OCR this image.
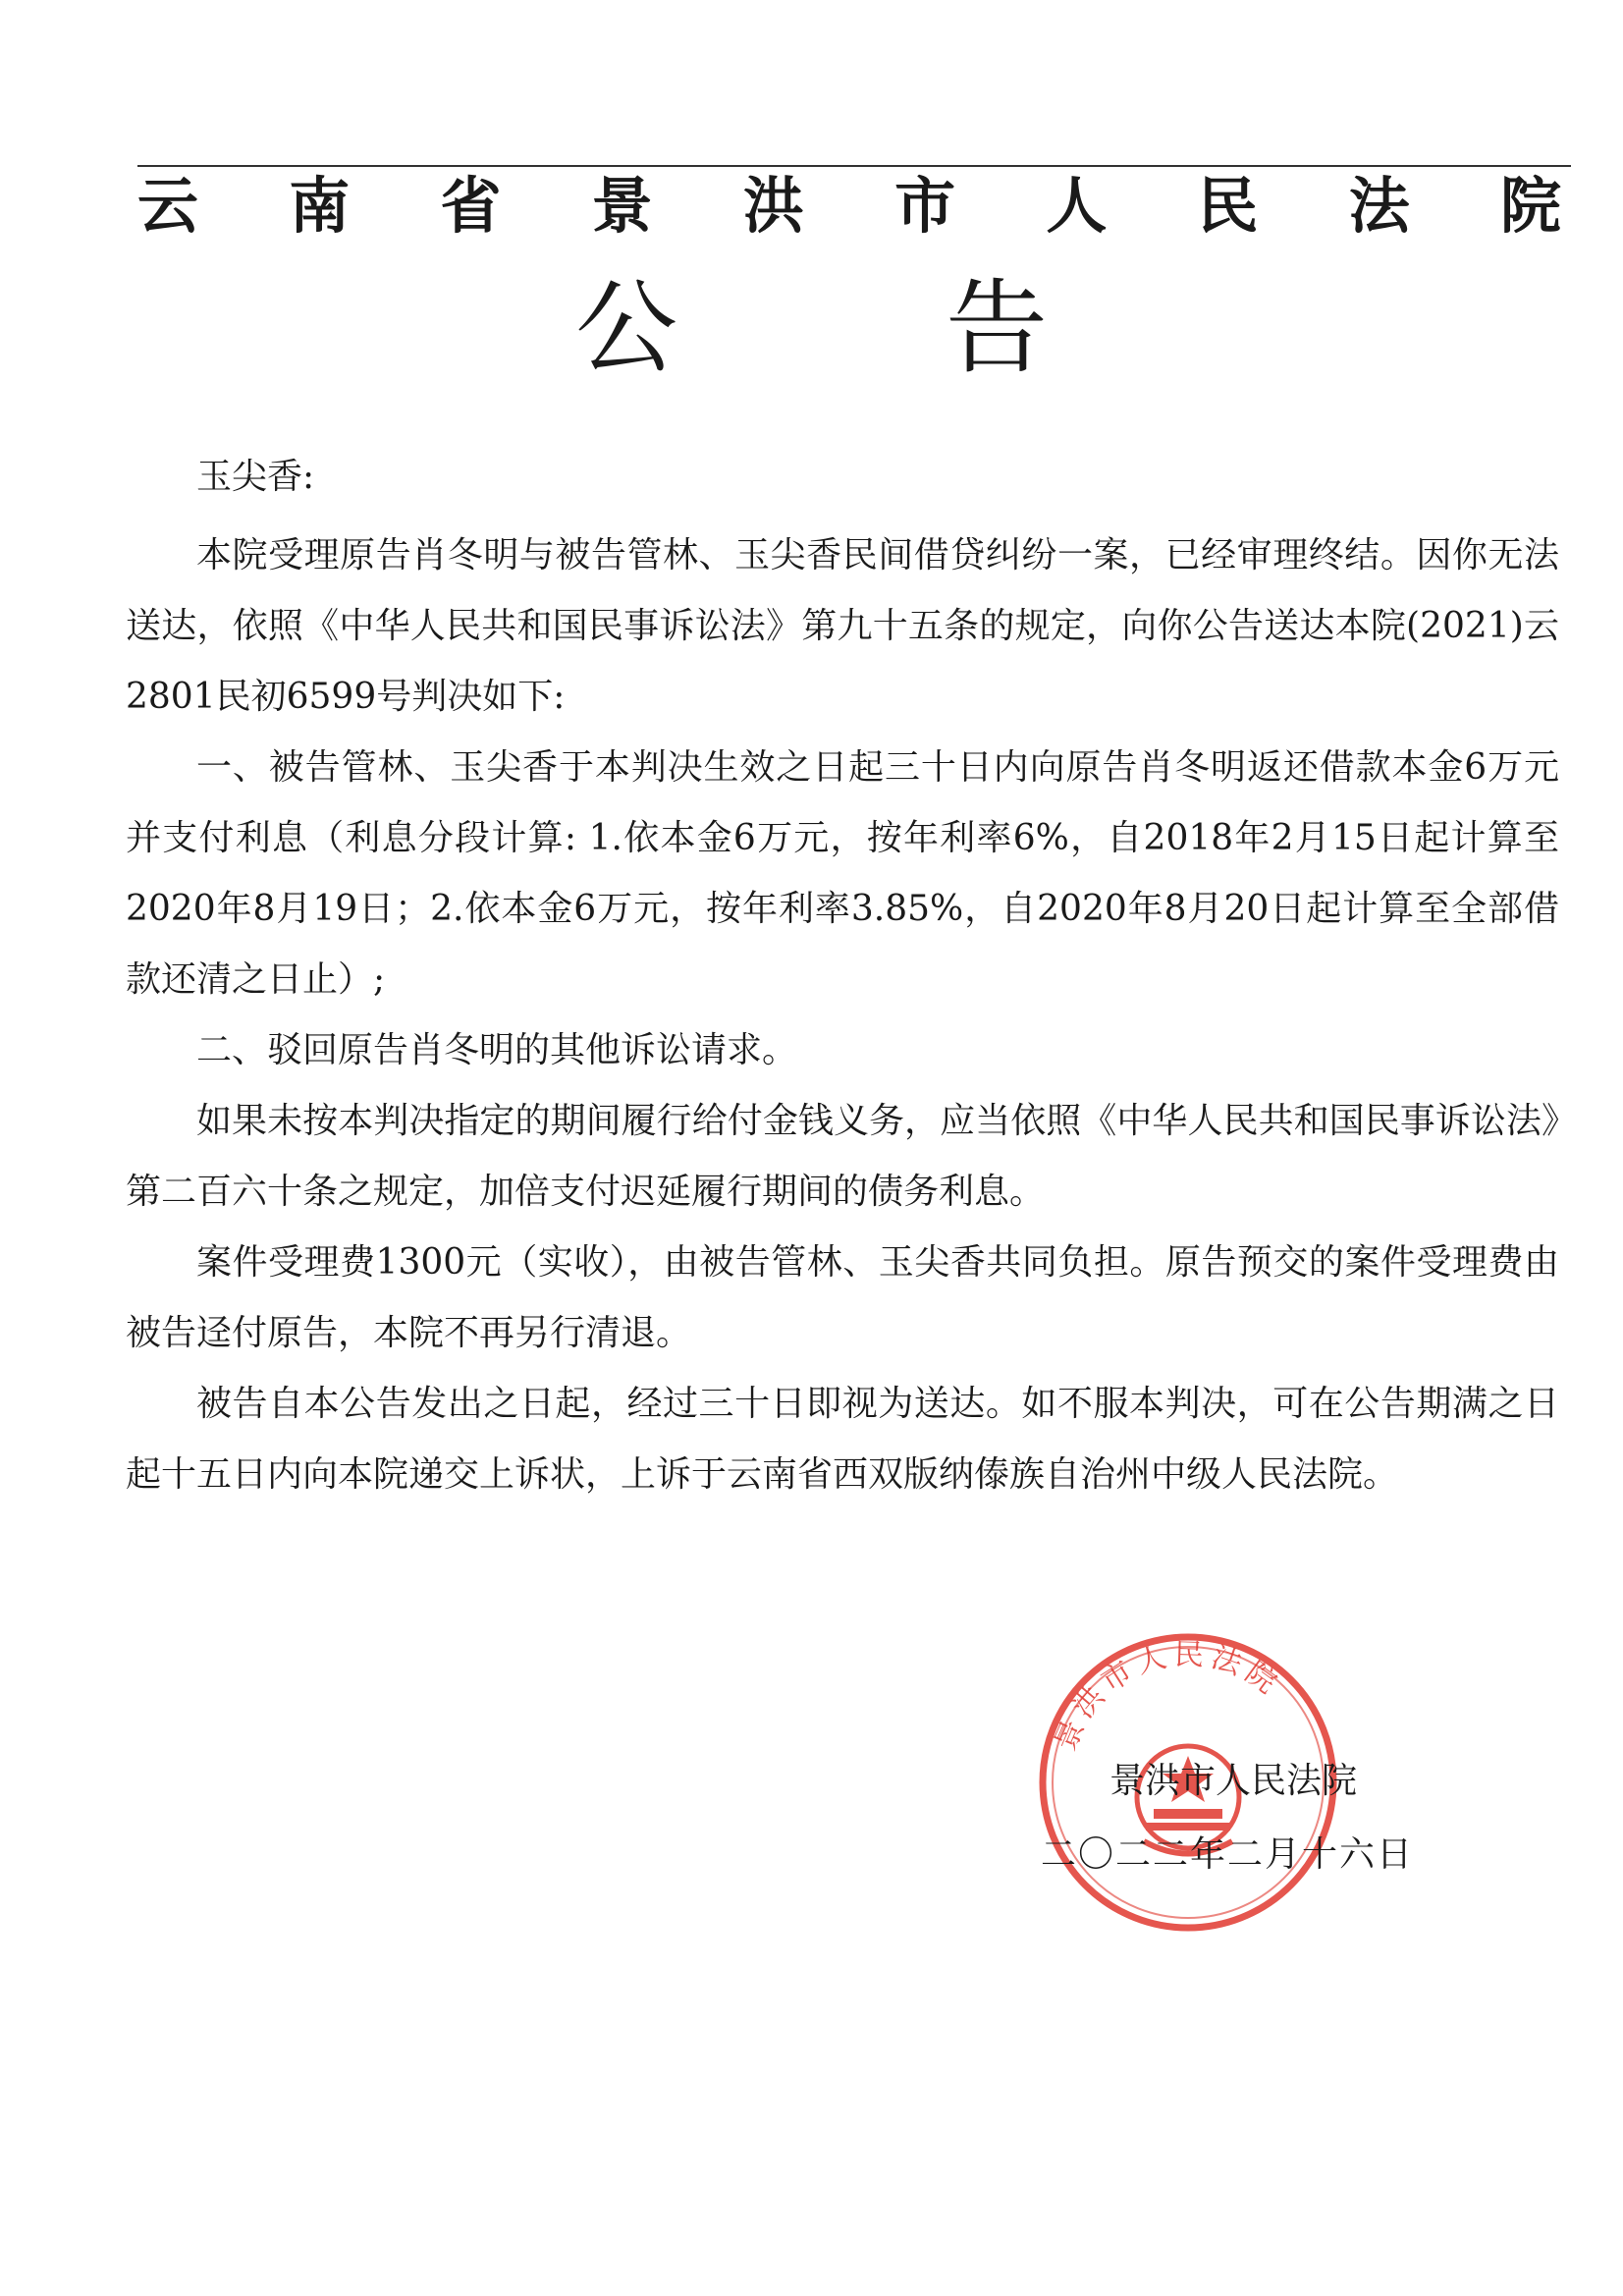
云 南 省 景 洪 市 人 民 法 院
公 告

玉尖香:

本院受理原告肖冬明与被告管林、玉尖香民间借贷纠纷一案，已经审理终结。因你无法送达，依照《中华人民共和国民事诉讼法》第九十五条的规定，向你公告送达本院(2021)云2801民初6599号判决如下:

一、被告管林、玉尖香于本判决生效之日起三十日内向原告肖冬明返还借款本金6万元并支付利息（利息分段计算: 1.依本金6万元，按年利率6%，自2018年2月15日起计算至2020年8月19日；2.依本金6万元，按年利率3.85%，自2020年8月20日起计算至全部借款还清之日止）;

二、驳回原告肖冬明的其他诉讼请求。

如果未按本判决指定的期间履行给付金钱义务，应当依照《中华人民共和国民事诉讼法》第二百六十条之规定，加倍支付迟延履行期间的债务利息。

案件受理费1300元（实收），由被告管林、玉尖香共同负担。原告预交的案件受理费由被告迳付原告，本院不再另行清退。

被告自本公告发出之日起，经过三十日即视为送达。如不服本判决，可在公告期满之日起十五日内向本院递交上诉状，上诉于云南省西双版纳傣族自治州中级人民法院。

景洪市人民法院
景洪市人民法院
二〇二二年二月十六日
